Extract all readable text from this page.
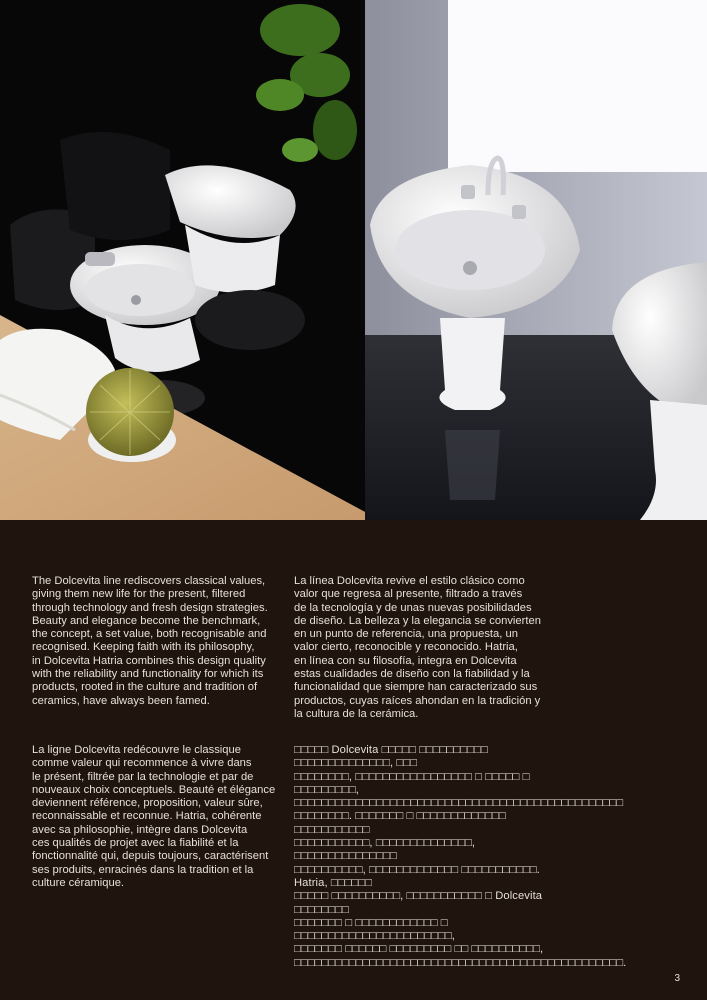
The Dolcevita line rediscovers classical values,
giving them new life for the present, filtered
through technology and fresh design strategies.
Beauty and elegance become the benchmark,
the concept, a set value, both recognisable and
recognised. Keeping faith with its philosophy,
in Dolcevita Hatria combines this design quality
with the reliability and functionality for which its
products, rooted in the culture and tradition of
ceramics, have always been famed.
La línea Dolcevita revive el estilo clásico como
valor que regresa al presente, filtrado a través
de la tecnología y de unas nuevas posibilidades
de diseño. La belleza y la elegancia se convierten
en un punto de referencia, una propuesta, un
valor cierto, reconocible y reconocido. Hatria,
en línea con su filosofía, integra en Dolcevita
estas cualidades de diseño con la fiabilidad y la
funcionalidad que siempre han caracterizado sus
productos, cuyas raíces ahondan en la tradición y
la cultura de la cerámica.
La ligne Dolcevita redécouvre le classique
comme valeur qui recommence à vivre dans
le présent, filtrée par la technologie et par de
nouveaux choix conceptuels. Beauté et élégance
deviennent référence, proposition, valeur sûre,
reconnaissable et reconnue. Hatria, cohérente
avec sa philosophie, intègre dans Dolcevita
ces qualités de projet avec la fiabilité et la
fonctionnalité qui, depuis toujours, caractérisent
ses produits, enracinés dans la tradition et la
culture céramique.
□□□□□ Dolcevita □□□□□ □□□□□□□□□□ □□□□□□□□□□□□□□, □□□
□□□□□□□□, □□□□□□□□□□□□□□□□□ □ □□□□□ □ □□□□□□□□□,
□□□□□□□□□□□□□□□□□□□□□□□□□□□□□□□□□□□□□□□□□□□□□□□□
□□□□□□□□. □□□□□□□ □ □□□□□□□□□□□□□ □□□□□□□□□□□
□□□□□□□□□□□, □□□□□□□□□□□□□□, □□□□□□□□□□□□□□□
□□□□□□□□□□, □□□□□□□□□□□□□ □□□□□□□□□□□. Hatria, □□□□□□
□□□□□ □□□□□□□□□□, □□□□□□□□□□□ □ Dolcevita □□□□□□□□
□□□□□□□ □ □□□□□□□□□□□□ □ □□□□□□□□□□□□□□□□□□□□□□□,
□□□□□□□ □□□□□□ □□□□□□□□□ □□ □□□□□□□□□□,
□□□□□□□□□□□□□□□□□□□□□□□□□□□□□□□□□□□□□□□□□□□□□□□□.
3
